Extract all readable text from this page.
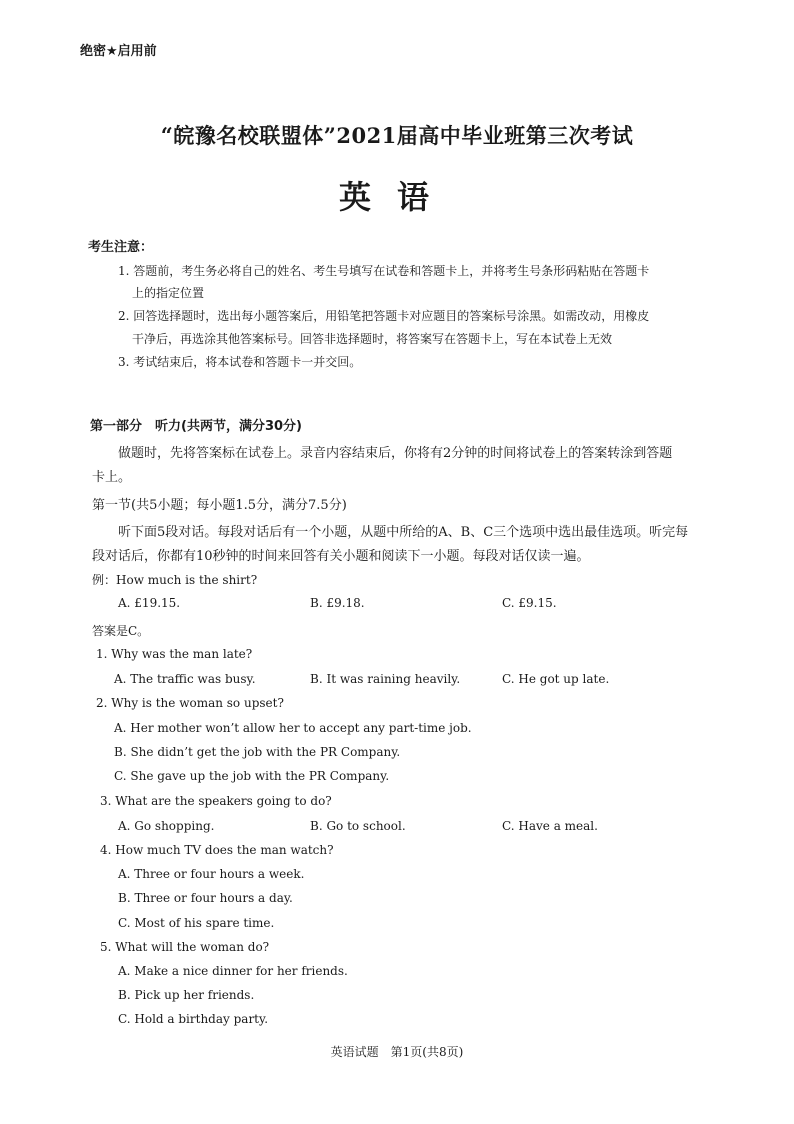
绝密★启用前
“皖豫名校联盟体”2021届高中毕业班第三次考试
英语
考生注意：
1. 答题前，考生务必将自己的姓名、考生号填写在试卷和答题卡上，并将考生号条形码粘贴在答题卡
上的指定位置
2. 回答选择题时，选出每小题答案后，用铅笔把答题卡对应题目的答案标号涂黑。如需改动，用橡皮
干净后，再选涂其他答案标号。回答非选择题时，将答案写在答题卡上，写在本试卷上无效
3. 考试结束后，将本试卷和答题卡一并交回。
第一部分　听力(共两节，满分30分)
做题时，先将答案标在试卷上。录音内容结束后，你将有2分钟的时间将试卷上的答案转涂到答题
卡上。
第一节(共5小题；每小题1.5分，满分7.5分)
听下面5段对话。每段对话后有一个小题，从题中所给的A、B、C三个选项中选出最佳选项。听完每
段对话后，你都有10秒钟的时间来回答有关小题和阅读下一小题。每段对话仅读一遍。
例：How much is the shirt?
A. £19.15.	B. £9.18.	C. £9.15.
答案是C。
1. Why was the man late?
A. The traffic was busy.	B. It was raining heavily.	C. He got up late.
2. Why is the woman so upset?
A. Her mother won’t allow her to accept any part-time job.
B. She didn’t get the job with the PR Company.
C. She gave up the job with the PR Company.
3. What are the speakers going to do?
A. Go shopping.	B. Go to school.	C. Have a meal.
4. How much TV does the man watch?
A. Three or four hours a week.
B. Three or four hours a day.
C. Most of his spare time.
5. What will the woman do?
A. Make a nice dinner for her friends.
B. Pick up her friends.
C. Hold a birthday party.
英语试题　第1页(共8页)
